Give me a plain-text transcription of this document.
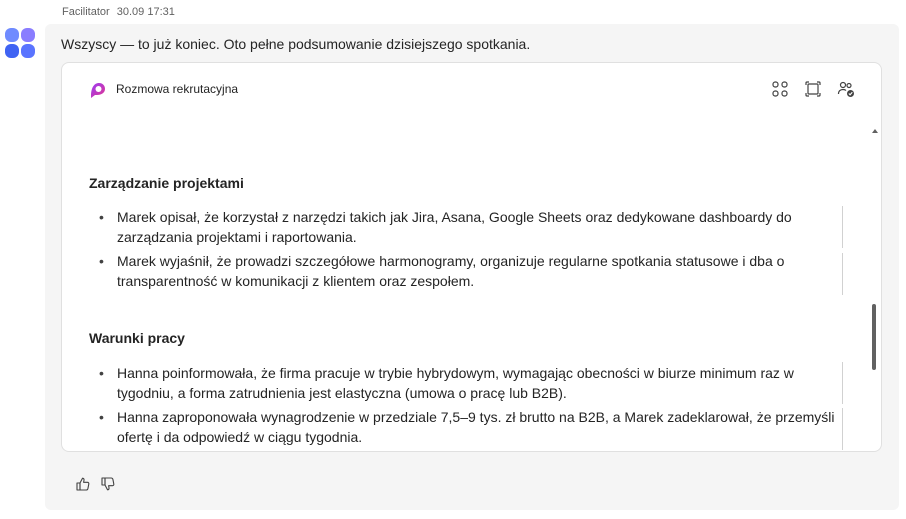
Facilitator 30.09 17:31
Wszyscy — to już koniec. Oto pełne podsumowanie dzisiejszego spotkania.
Rozmowa rekrutacyjna
Zarządzanie projektami
• Marek opisał, że korzystał z narzędzi takich jak Jira, Asana, Google Sheets oraz dedykowane dashboardy do zarządzania projektami i raportowania.
• Marek wyjaśnił, że prowadzi szczegółowe harmonogramy, organizuje regularne spotkania statusowe i dba o transparentność w komunikacji z klientem oraz zespołem.
Warunki pracy
• Hanna poinformowała, że firma pracuje w trybie hybrydowym, wymagając obecności w biurze minimum raz w tygodniu, a forma zatrudnienia jest elastyczna (umowa o pracę lub B2B).
• Hanna zaproponowała wynagrodzenie w przedziale 7,5–9 tys. zł brutto na B2B, a Marek zadeklarował, że przemyśli ofertę i da odpowiedź w ciągu tygodnia.
